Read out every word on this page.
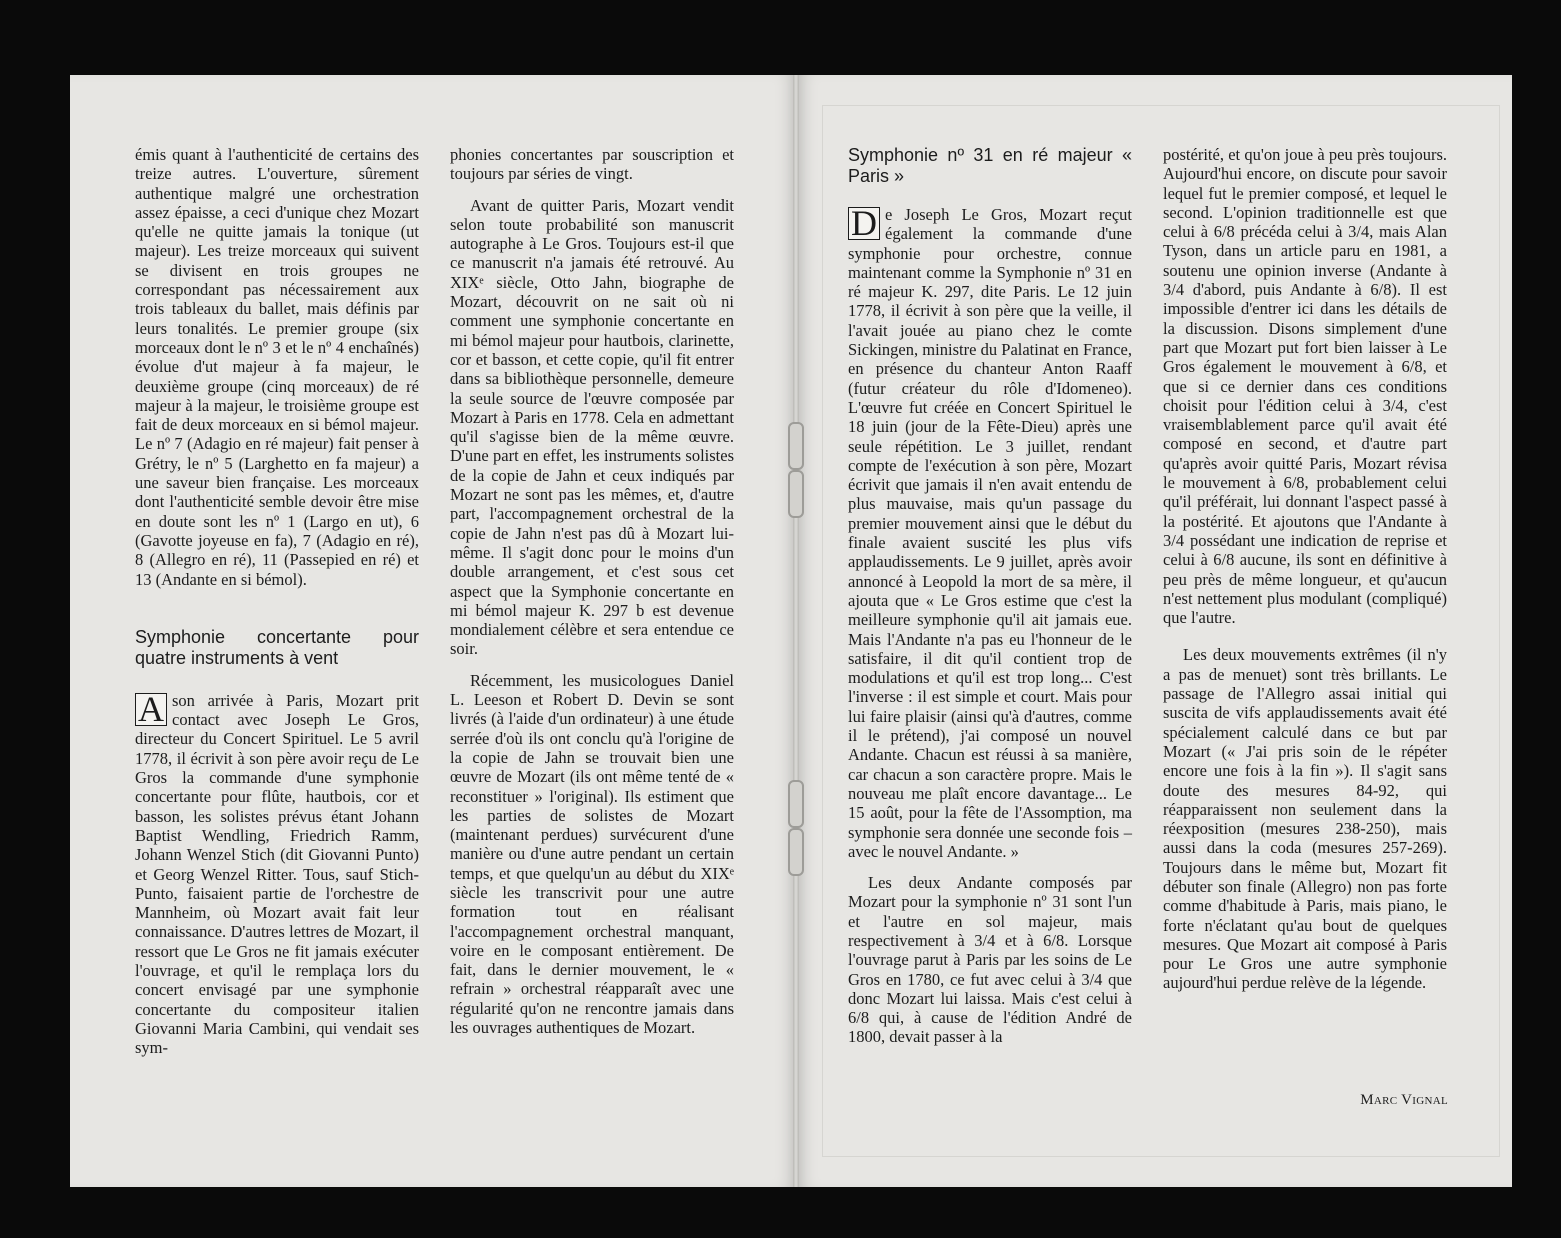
émis quant à l'authenticité de certains des treize autres. L'ouverture, sûrement authentique malgré une orchestration assez épaisse, a ceci d'unique chez Mozart qu'elle ne quitte jamais la tonique (ut majeur). Les treize morceaux qui suivent se divisent en trois groupes ne correspondant pas nécessairement aux trois tableaux du ballet, mais définis par leurs tonalités. Le premier groupe (six morceaux dont le nº 3 et le nº 4 enchaînés) évolue d'ut majeur à fa majeur, le deuxième groupe (cinq morceaux) de ré majeur à la majeur, le troisième groupe est fait de deux morceaux en si bémol majeur. Le nº 7 (Adagio en ré majeur) fait penser à Grétry, le nº 5 (Larghetto en fa majeur) a une saveur bien française. Les morceaux dont l'authenticité semble devoir être mise en doute sont les nº 1 (Largo en ut), 6 (Gavotte joyeuse en fa), 7 (Adagio en ré), 8 (Allegro en ré), 11 (Passepied en ré) et 13 (Andante en si bémol).

Symphonie concertante pour quatre instruments à vent

A son arrivée à Paris, Mozart prit contact avec Joseph Le Gros, directeur du Concert Spirituel. Le 5 avril 1778, il écrivit à son père avoir reçu de Le Gros la commande d'une symphonie concertante pour flûte, hautbois, cor et basson, les solistes prévus étant Johann Baptist Wendling, Friedrich Ramm, Johann Wenzel Stich (dit Giovanni Punto) et Georg Wenzel Ritter. Tous, sauf Stich-Punto, faisaient partie de l'orchestre de Mannheim, où Mozart avait fait leur connaissance. D'autres lettres de Mozart, il ressort que Le Gros ne fit jamais exécuter l'ouvrage, et qu'il le remplaça lors du concert envisagé par une symphonie concertante du compositeur italien Giovanni Maria Cambini, qui vendait ses sym-

phonies concertantes par souscription et toujours par séries de vingt.

Avant de quitter Paris, Mozart vendit selon toute probabilité son manuscrit autographe à Le Gros. Toujours est-il que ce manuscrit n'a jamais été retrouvé. Au XIXᵉ siècle, Otto Jahn, biographe de Mozart, découvrit on ne sait où ni comment une symphonie concertante en mi bémol majeur pour hautbois, clarinette, cor et basson, et cette copie, qu'il fit entrer dans sa bibliothèque personnelle, demeure la seule source de l'œuvre composée par Mozart à Paris en 1778. Cela en admettant qu'il s'agisse bien de la même œuvre. D'une part en effet, les instruments solistes de la copie de Jahn et ceux indiqués par Mozart ne sont pas les mêmes, et, d'autre part, l'accompagnement orchestral de la copie de Jahn n'est pas dû à Mozart lui-même. Il s'agit donc pour le moins d'un double arrangement, et c'est sous cet aspect que la Symphonie concertante en mi bémol majeur K. 297 b est devenue mondialement célèbre et sera entendue ce soir.

Récemment, les musicologues Daniel L. Leeson et Robert D. Devin se sont livrés (à l'aide d'un ordinateur) à une étude serrée d'où ils ont conclu qu'à l'origine de la copie de Jahn se trouvait bien une œuvre de Mozart (ils ont même tenté de « reconstituer » l'original). Ils estiment que les parties de solistes de Mozart (maintenant perdues) survécurent d'une manière ou d'une autre pendant un certain temps, et que quelqu'un au début du XIXᵉ siècle les transcrivit pour une autre formation tout en réalisant l'accompagnement orchestral manquant, voire en le composant entièrement. De fait, dans le dernier mouvement, le « refrain » orchestral réapparaît avec une régularité qu'on ne rencontre jamais dans les ouvrages authentiques de Mozart.

Symphonie nº 31 en ré majeur « Paris »

D e Joseph Le Gros, Mozart reçut également la commande d'une symphonie pour orchestre, connue maintenant comme la Symphonie nº 31 en ré majeur K. 297, dite Paris. Le 12 juin 1778, il écrivit à son père que la veille, il l'avait jouée au piano chez le comte Sickingen, ministre du Palatinat en France, en présence du chanteur Anton Raaff (futur créateur du rôle d'Idomeneo). L'œuvre fut créée en Concert Spirituel le 18 juin (jour de la Fête-Dieu) après une seule répétition. Le 3 juillet, rendant compte de l'exécution à son père, Mozart écrivit que jamais il n'en avait entendu de plus mauvaise, mais qu'un passage du premier mouvement ainsi que le début du finale avaient suscité les plus vifs applaudissements. Le 9 juillet, après avoir annoncé à Leopold la mort de sa mère, il ajouta que « Le Gros estime que c'est la meilleure symphonie qu'il ait jamais eue. Mais l'Andante n'a pas eu l'honneur de le satisfaire, il dit qu'il contient trop de modulations et qu'il est trop long... C'est l'inverse : il est simple et court. Mais pour lui faire plaisir (ainsi qu'à d'autres, comme il le prétend), j'ai composé un nouvel Andante. Chacun est réussi à sa manière, car chacun a son caractère propre. Mais le nouveau me plaît encore davantage... Le 15 août, pour la fête de l'Assomption, ma symphonie sera donnée une seconde fois – avec le nouvel Andante. »

Les deux Andante composés par Mozart pour la symphonie nº 31 sont l'un et l'autre en sol majeur, mais respectivement à 3/4 et à 6/8. Lorsque l'ouvrage parut à Paris par les soins de Le Gros en 1780, ce fut avec celui à 3/4 que donc Mozart lui laissa. Mais c'est celui à 6/8 qui, à cause de l'édition André de 1800, devait passer à la

postérité, et qu'on joue à peu près toujours. Aujourd'hui encore, on discute pour savoir lequel fut le premier composé, et lequel le second. L'opinion traditionnelle est que celui à 6/8 précéda celui à 3/4, mais Alan Tyson, dans un article paru en 1981, a soutenu une opinion inverse (Andante à 3/4 d'abord, puis Andante à 6/8). Il est impossible d'entrer ici dans les détails de la discussion. Disons simplement d'une part que Mozart put fort bien laisser à Le Gros également le mouvement à 6/8, et que si ce dernier dans ces conditions choisit pour l'édition celui à 3/4, c'est vraisemblablement parce qu'il avait été composé en second, et d'autre part qu'après avoir quitté Paris, Mozart révisa le mouvement à 6/8, probablement celui qu'il préférait, lui donnant l'aspect passé à la postérité. Et ajoutons que l'Andante à 3/4 possédant une indication de reprise et celui à 6/8 aucune, ils sont en définitive à peu près de même longueur, et qu'aucun n'est nettement plus modulant (compliqué) que l'autre.

Les deux mouvements extrêmes (il n'y a pas de menuet) sont très brillants. Le passage de l'Allegro assai initial qui suscita de vifs applaudissements avait été spécialement calculé dans ce but par Mozart (« J'ai pris soin de le répéter encore une fois à la fin »). Il s'agit sans doute des mesures 84-92, qui réapparaissent non seulement dans la réexposition (mesures 238-250), mais aussi dans la coda (mesures 257-269). Toujours dans le même but, Mozart fit débuter son finale (Allegro) non pas forte comme d'habitude à Paris, mais piano, le forte n'éclatant qu'au bout de quelques mesures. Que Mozart ait composé à Paris pour Le Gros une autre symphonie aujourd'hui perdue relève de la légende.

Marc Vignal
